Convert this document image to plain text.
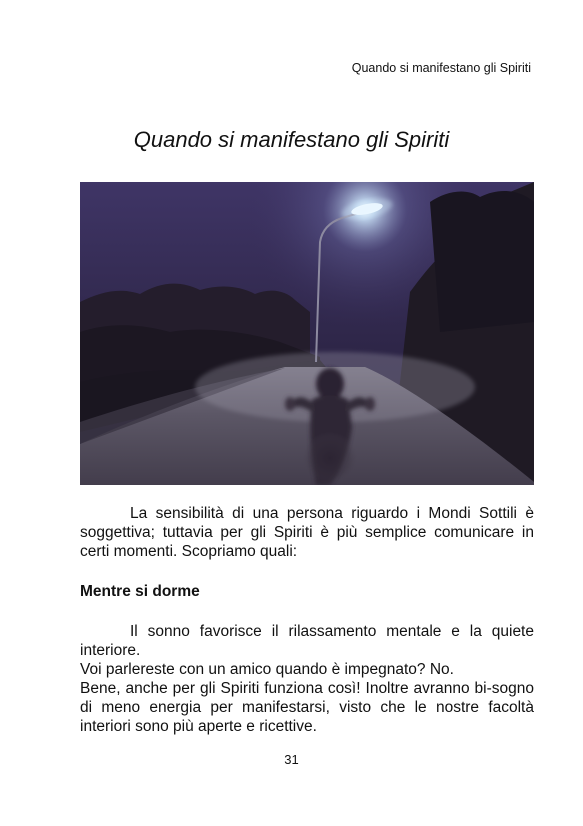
Quando si manifestano gli Spiriti
Quando si manifestano gli Spiriti

La sensibilità di una persona riguardo i Mondi Sottili è soggettiva; tuttavia per gli Spiriti è più semplice comunicare in certi momenti. Scopriamo quali:

Mentre si dorme

Il sonno favorisce il rilassamento mentale e la quiete interiore.

Voi parlereste con un amico quando è impegnato? No.

Bene, anche per gli Spiriti funziona così! Inoltre avranno bi-sogno di meno energia per manifestarsi, visto che le nostre facoltà interiori sono più aperte e ricettive.

31
